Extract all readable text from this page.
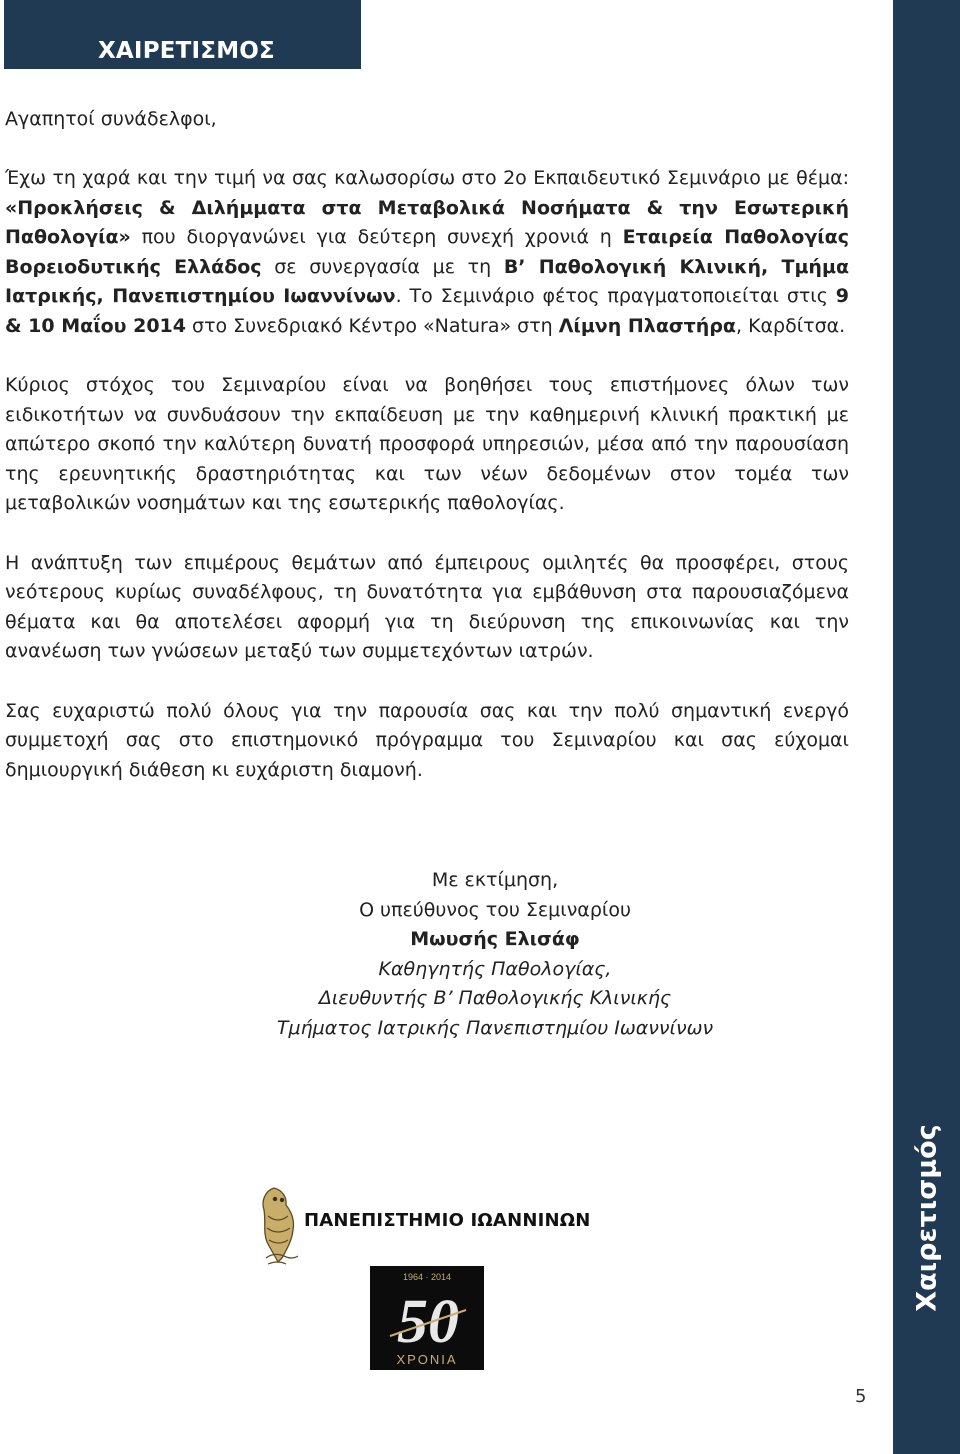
ΧΑΙΡΕΤΙΣΜΟΣ
Χαιρετισμός

Αγαπητοί συνάδελφοι,

Έχω τη χαρά και την τιμή να σας καλωσορίσω στο 2ο Εκπαιδευτικό Σεμινάριο με θέμα: «Προκλήσεις & Διλήμματα στα Μεταβολικά Νοσήματα & την Εσωτερική Παθολογία» που διοργανώνει για δεύτερη συνεχή χρονιά η Εταιρεία Παθολογίας Βορειοδυτικής Ελλάδος σε συνεργασία με τη Β’ Παθολογική Κλινική, Τμήμα Ιατρικής, Πανεπιστημίου Ιωαννίνων. Το Σεμινάριο φέτος πραγματοποιείται στις 9 & 10 Μαΐου 2014 στο Συνεδριακό Κέντρο «Natura» στη Λίμνη Πλαστήρα, Καρδίτσα.

Κύριος στόχος του Σεμιναρίου είναι να βοηθήσει τους επιστήμονες όλων των ειδικοτήτων να συνδυάσουν την εκπαίδευση με την καθημερινή κλινική πρακτική με απώτερο σκοπό την καλύτερη δυνατή προσφορά υπηρεσιών, μέσα από την παρουσίαση της ερευνητικής δραστηριότητας και των νέων δεδομένων στον τομέα των μεταβολικών νοσημάτων και της εσωτερικής παθολογίας.

Η ανάπτυξη των επιμέρους θεμάτων από έμπειρους ομιλητές θα προσφέρει, στους νεότερους κυρίως συναδέλφους, τη δυνατότητα για εμβάθυνση στα παρουσιαζόμενα θέματα και θα αποτελέσει αφορμή για τη διεύρυνση της επικοινωνίας και την ανανέωση των γνώσεων μεταξύ των συμμετεχόντων ιατρών.

Σας ευχαριστώ πολύ όλους για την παρουσία σας και την πολύ σημαντική ενεργό συμμετοχή σας στο επιστημονικό πρόγραμμα του Σεμιναρίου και σας εύχομαι δημιουργική διάθεση κι ευχάριστη διαμονή.

Με εκτίμηση,
Ο υπεύθυνος του Σεμιναρίου
Μωυσής Ελισάφ
Καθηγητής Παθολογίας,
Διευθυντής Β’ Παθολογικής Κλινικής
Τμήματος Ιατρικής Πανεπιστημίου Ιωαννίνων
ΠΑΝΕΠΙΣΤΗΜΙΟ ΙΩΑΝΝΙΝΩΝ
1964 · 2014
50
ΧΡΟΝΙΑ
5
